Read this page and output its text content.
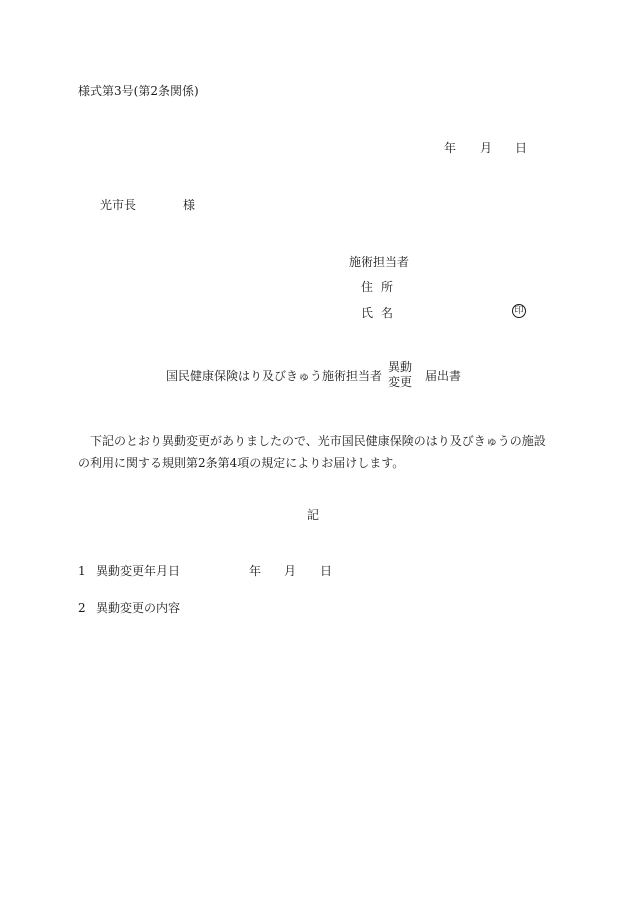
様式第3号(第2条関係)
年 月 日
光市長	様
施術担当者
住所
氏名	印
国民健康保険はり及びきゅう施術担当者
異動
変更 届出書
下記のとおり異動変更がありましたので、光市国民健康保険のはり及びきゅうの施設の利用に関する規則第2条第4項の規定によりお届けします。
記
1 異動変更年月日	年 月 日
2 異動変更の内容
